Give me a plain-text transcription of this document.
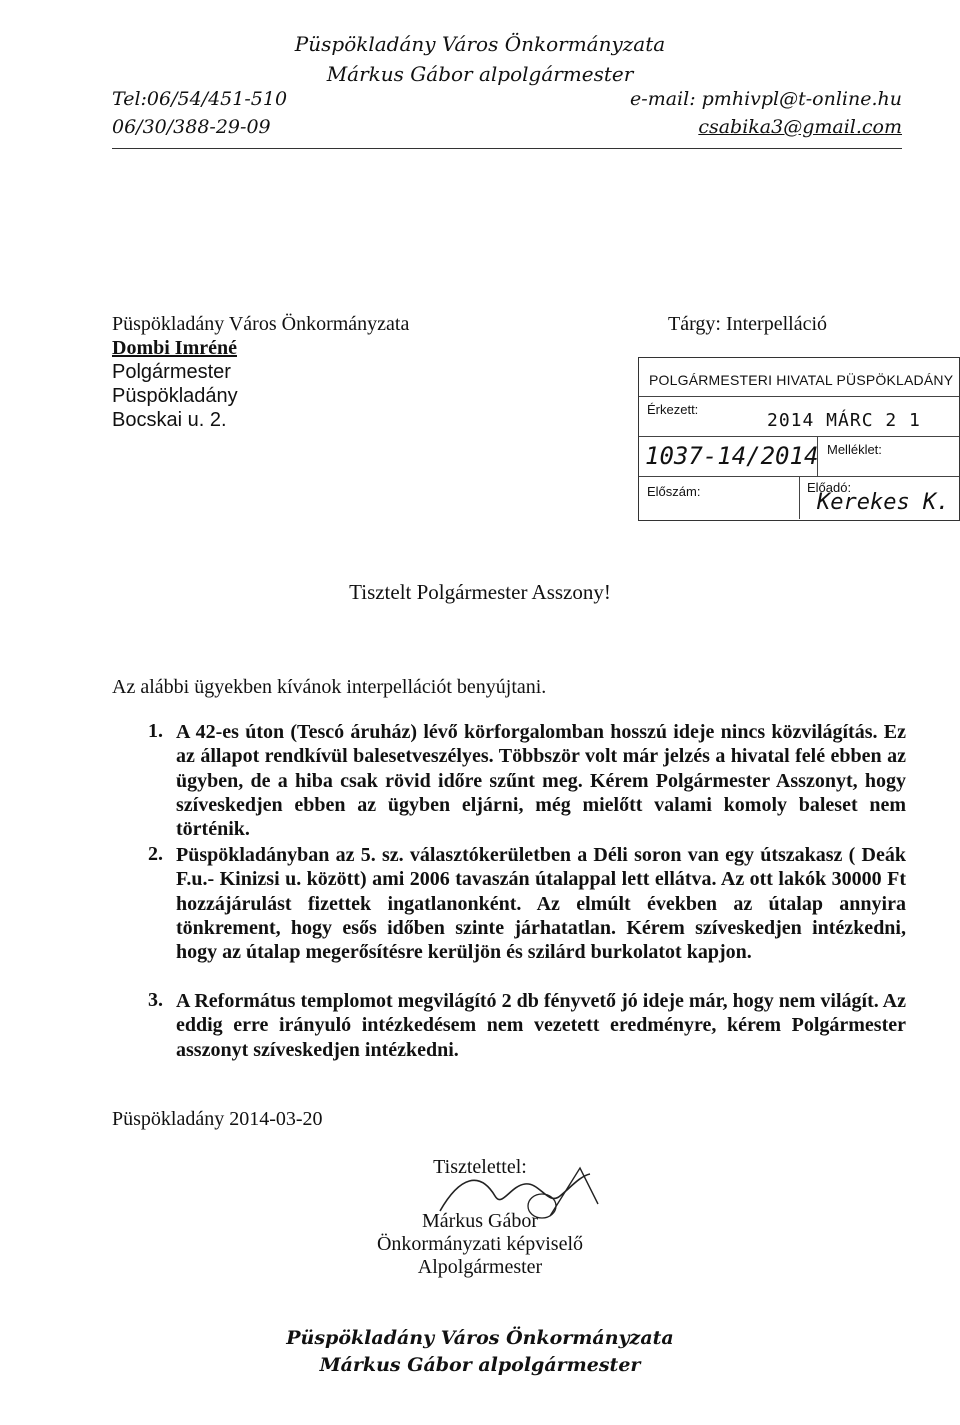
Püspökladány Város Önkormányzata
Márkus Gábor alpolgármester
Tel:06/54/451-510
06/30/388-29-09
e-mail: pmhivpl@t-online.hu
csabika3@gmail.com
Püspökladány Város Önkormányzata
Dombi Imréné
Polgármester
Püspökladány
Bocskai u. 2.
Tárgy: Interpelláció
POLGÁRMESTERI HIVATAL PÜSPÖKLADÁNY
Érkezett:
2014 MÁRC 2 1
1037-14/2014 Melléklet:
Előszám:	Előadó:
Kerekes K.
Tisztelt Polgármester Asszony!
Az alábbi ügyekben kívánok interpellációt benyújtani.
1. A 42-es úton (Tescó áruház) lévő körforgalomban hosszú ideje nincs közvilágítás. Ez az állapot rendkívül balesetveszélyes. Többször volt már jelzés a hivatal felé ebben az ügyben, de a hiba csak rövid időre szűnt meg. Kérem Polgármester Asszonyt, hogy szíveskedjen ebben az ügyben eljárni, még mielőtt valami komoly baleset nem történik.
2. Püspökladányban az 5. sz. választókerületben a Déli soron van egy útszakasz ( Deák F.u.- Kinizsi u. között) ami 2006 tavaszán útalappal lett ellátva. Az ott lakók 30000 Ft hozzájárulást fizettek ingatlanonként. Az elmúlt években az útalap annyira tönkrement, hogy esős időben szinte járhatatlan. Kérem szíveskedjen intézkedni, hogy az útalap megerősítésre kerüljön és szilárd burkolatot kapjon.
3. A Református templomot megvilágító 2 db fényvető jó ideje már, hogy nem világít. Az eddig erre irányuló intézkedésem nem vezetett eredményre, kérem Polgármester asszonyt szíveskedjen intézkedni.
Püspökladány 2014-03-20
Tisztelettel:
Márkus Gábor
Önkormányzati képviselő
Alpolgármester
Püspökladány Város Önkormányzata
Márkus Gábor alpolgármester
